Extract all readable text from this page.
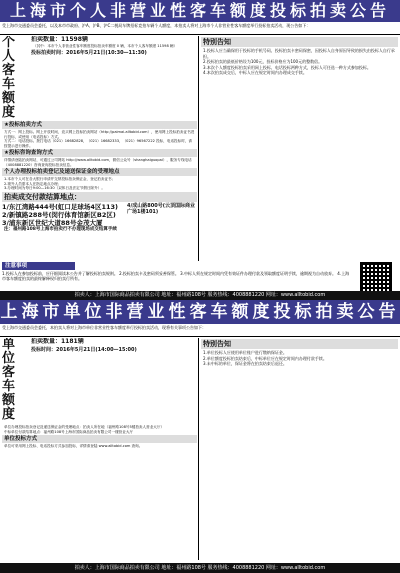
上海市个人非营业性客车额度投标拍卖公告
受上海市交通委员会委托，以及本市市政府、沪A、沪B、沪C二税局车牌招标竞拍车辆个人额度，本拍卖人将对上海市个人非营业性客车额度举行投标拍卖活动，现公告如下：
个人 客车 额度
拍卖数量：11598辆
（其中：本市个人非营业性客车额度投标拍卖车额度 0 辆，本市个人客车额度 11598 辆）
投标拍卖时间：2016年5月21日(10:30—11:30)
★投标拍卖方式
方式一：网上投标。网上开放时间，竞买网上投标拍卖网站（http://paimai.alltobid.com），使用网上投标拍卖证书进行投标，或使用（电话投标）方式。
方式二：电话投标。拨打电话（021）16682828，（021）16682333，（021）96567222 投标，电话投标时，请按提示进行操作。
★投标咨询查询方式
详情请登陆拍卖网站，可通过公司网站 http://www.alltobid.com，微信公众号（shanghaiguopai），服务专线电话（4008881220）咨询查询投标拍卖信息。
个人办理投标拍卖登记及递送保证金的受理地点
1.本市个人可在各大银行申请并交纳投标拍卖保证金，登记拍卖证书；
2.境外人员需本人在指定地点办理；
3.办理时间为每日9:00—16:30（双休日及法定节假日除外）。
拍卖成交付款结算地点：
1/东江湾路444号(虹口足球场4区113)
2/新镇路288号(闵行体育馆新区B2区)
3/浦东新区世纪大道88号金茂大厦
4/成山路800号(云顶国际商业广场1楼101)
注：福州路108号上海市拍卖行不办理现场成交结算手续
特别告知
1.投标人应当确保用于投标的手机号码、投标拍卖卡密码保密，因投标人自身原因导致的损失由投标人自行承担。
2.投标拍卖的最低价格设为100元，投标价格应为100元的整数倍。
3.本次个人额度投标拍卖采用网上投标、电话投标两种方式，投标人可任选一种方式参加投标。
4.本次拍卖成交后，中标人应在规定时间内办理成交手续。
注意事项
1.投标人在参加投标前，应仔细阅读本公告并了解投标拍卖规则。 2.投标拍卖卡及密码须妥善保管。 3.中标人须在规定时间内凭有效证件办理付款及领取额度证明手续，逾期视为自动放弃。 4.上海市客车额度拍卖的最终解释权归拍卖行所有。
拍卖人：上海市国际商品拍卖有限公司 地址：福州路108号 服务热线：4008881220 网址：www.alltobid.com
上海市单位非营业性客车额度投标拍卖公告
受上海市交通委员会委托，本拍卖人将对上海市单位非营业性客车额度举行投标拍卖活动，现将有关事项公告如下：
单位 客车 额度
拍卖数量：1181辆
投标时间：2016年5月21日(14:00—15:00)
单位办理投标拍卖登记及递送保证金的受理地点：拍卖人所在地（福州路108号5楼拍卖人营业大厅）
中标单位付款结算地点：福州路108号上海市国际商品拍卖有限公司一楼营业大厅
单位投标方式
单位可采用网上投标、电话投标方式参加投标，详情请登陆 www.alltobid.com 查询。
特别告知
1.单位投标人应使用单位账户进行缴纳保证金。
2.单位额度投标拍卖结束后，中标单位应在规定时间内办理付款手续。
3.未中标的单位，保证金将在拍卖结束后退还。
拍卖人：上海市国际商品拍卖有限公司 地址：福州路108号 服务热线：4008881220 网址：www.alltobid.com
